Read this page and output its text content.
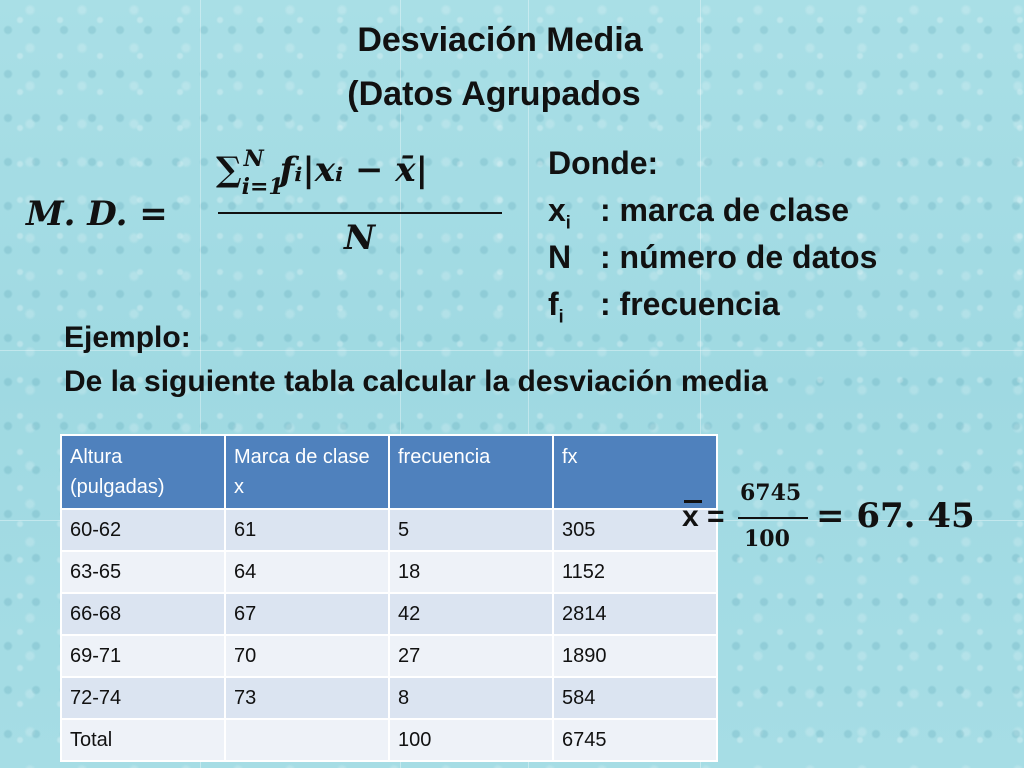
Desviación Media
(Datos Agrupados
M. D. =
∑ N
i=1
fᵢ|xᵢ − x̄|
N
Donde:
$x_i$ : marca de clase
N : número de datos
$f_i$ : frecuencia
Ejemplo:
De la siguiente tabla calcular la desviación media
Altura (pulgadas)	Marca de clase x	frecuencia	fx
60-62	61	5	305
63-65	64	18	1152
66-68	67	42	2814
69-71	70	27	1890
72-74	73	8	584
Total		100	6745
x =
6745
100
= 67. 45
